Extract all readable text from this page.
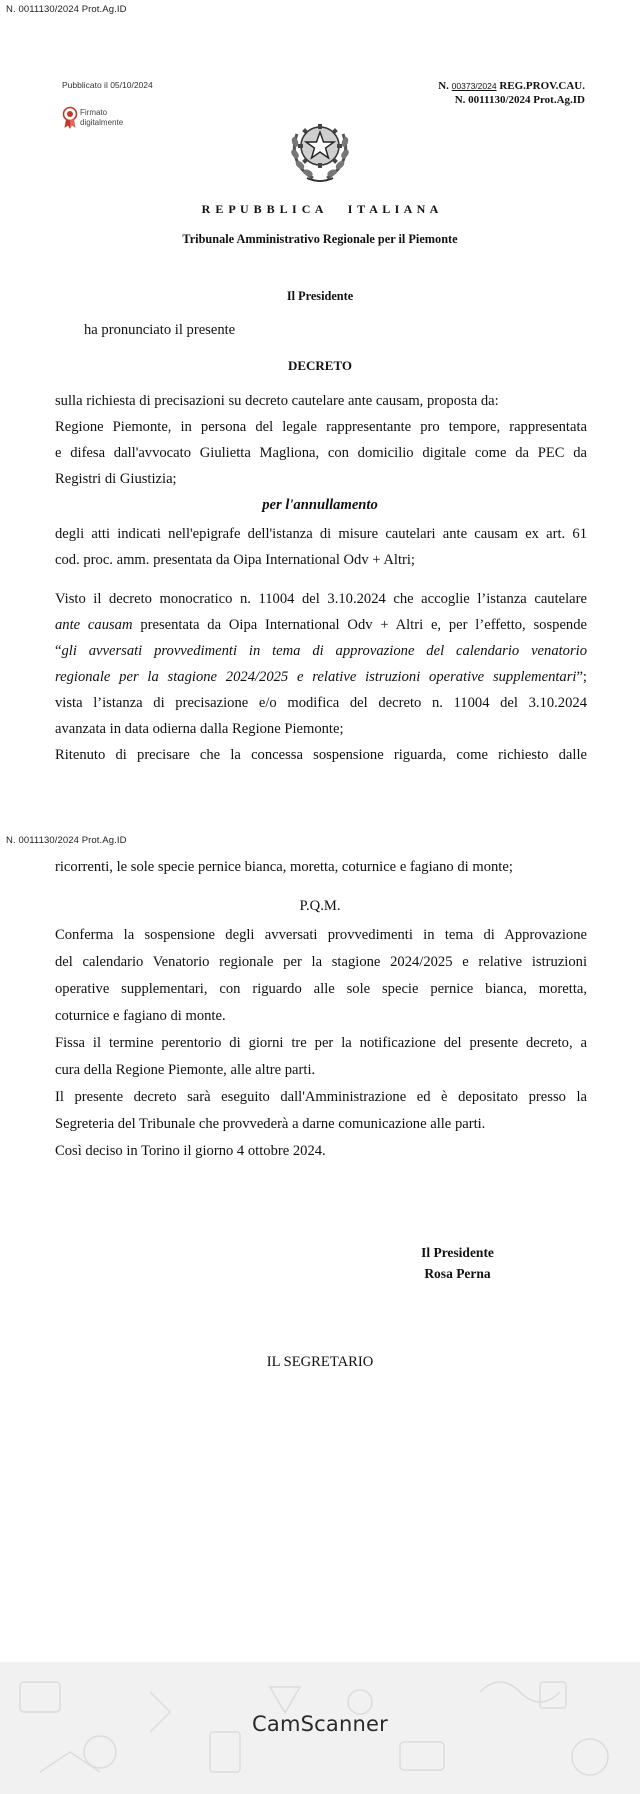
N. 0011130/2024 Prot.Ag.ID
Pubblicato il 05/10/2024
Firmato
digitalmente
N. 00373/2024 REG.PROV.CAU.
N. 0011130/2024 Prot.Ag.ID
R E P U B B L I C A     I T A L I A N A
Tribunale Amministrativo Regionale per il Piemonte
Il Presidente
ha pronunciato il presente
DECRETO
sulla richiesta di precisazioni su decreto cautelare ante causam, proposta da:
Regione Piemonte, in persona del legale rappresentante pro tempore, rappresentata
e difesa dall'avvocato Giulietta Magliona, con domicilio digitale come da PEC da
Registri di Giustizia;
per l'annullamento
degli atti indicati nell'epigrafe dell'istanza di misure cautelari ante causam ex art. 61
cod. proc. amm. presentata da Oipa International Odv + Altri;
Visto il decreto monocratico n. 11004 del 3.10.2024 che accoglie l’istanza cautelare
ante causam presentata da Oipa International Odv + Altri e, per l’effetto, sospende
“gli avversati provvedimenti in tema di approvazione del calendario venatorio
regionale per la stagione 2024/2025 e relative istruzioni operative supplementari”;
vista l’istanza di precisazione e/o modifica del decreto n. 11004 del 3.10.2024
avanzata in data odierna dalla Regione Piemonte;
Ritenuto di precisare che la concessa sospensione riguarda, come richiesto dalle
N. 0011130/2024 Prot.Ag.ID
ricorrenti, le sole specie pernice bianca, moretta, coturnice e fagiano di monte;
P.Q.M.
Conferma la sospensione degli avversati provvedimenti in tema di Approvazione
del calendario Venatorio regionale per la stagione 2024/2025 e relative istruzioni
operative supplementari, con riguardo alle sole specie pernice bianca, moretta,
coturnice e fagiano di monte.
Fissa il termine perentorio di giorni tre per la notificazione del presente decreto, a
cura della Regione Piemonte, alle altre parti.
Il presente decreto sarà eseguito dall'Amministrazione ed è depositato presso la
Segreteria del Tribunale che provvederà a darne comunicazione alle parti.
Così deciso in Torino il giorno 4 ottobre 2024.
Il Presidente
Rosa Perna
IL SEGRETARIO
CamScanner
